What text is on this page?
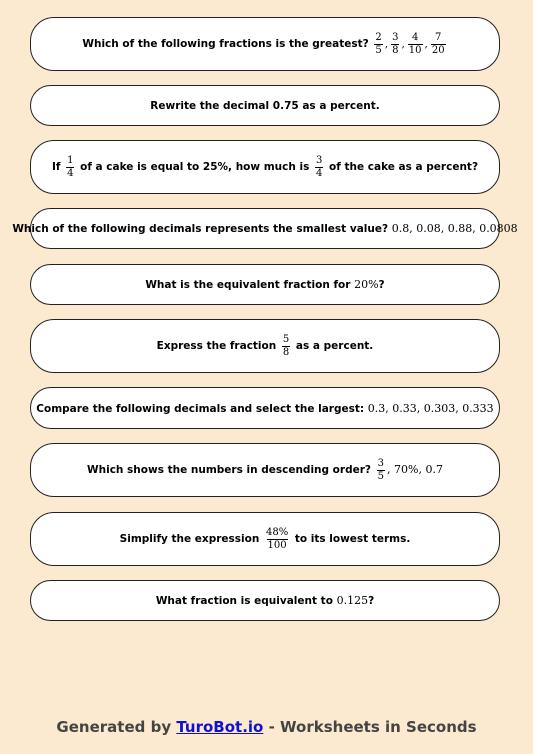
Which of the following fractions is the greatest? $\frac{2}{5}$ , $\frac{3}{8}$ , $\frac{4}{10}$ , $\frac{7}{20}$
Rewrite the decimal 0.75 as a percent.
If $\frac{1}{4}$ of a cake is equal to 25%, how much is $\frac{3}{4}$ of the cake as a percent?
Which of the following decimals represents the smallest value? 0.8, 0.08, 0.88, 0.0808
What is the equivalent fraction for 20%?
Express the fraction $\frac{5}{8}$ as a percent.
Compare the following decimals and select the largest: 0.3, 0.33, 0.303, 0.333
Which shows the numbers in descending order? $\frac{3}{5}$ , 70%, 0.7
Simplify the expression $\frac{48\%}{100}$ to its lowest terms.
What fraction is equivalent to 0.125?
Generated by TuroBot.io - Worksheets in Seconds
